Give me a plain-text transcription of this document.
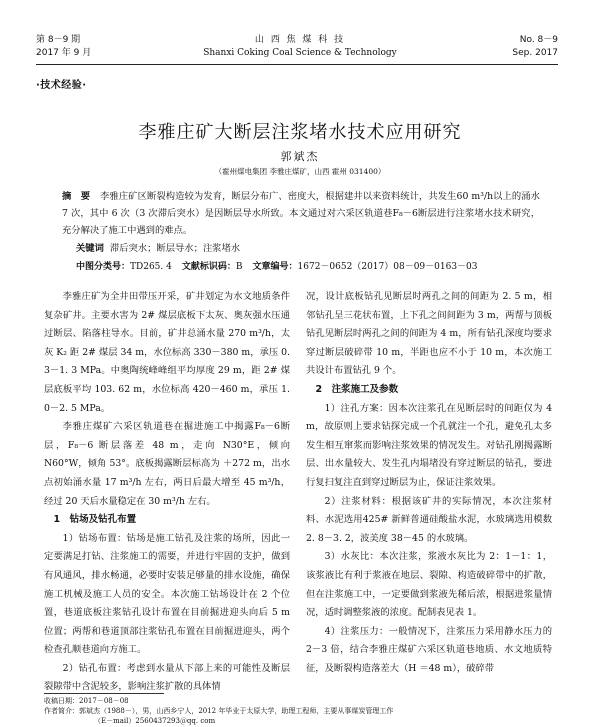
第 8－9 期
2017 年 9 月
山 西 焦 煤 科 技
Shanxi Coking Coal Science & Technology
No. 8－9
Sep. 2017
·技术经验·
李雅庄矿大断层注浆堵水技术应用研究
郭斌杰
（霍州煤电集团 李雅庄煤矿，山西 霍州 031400）
摘　要 李雅庄矿区断裂构造较为发育，断层分布广、密度大，根据建井以来资料统计，共发生60 m³/h以上的涌水 7 次，其中 6 次（3 次滞后突水）是因断层导水所致。本文通过对六采区轨道巷F₈－6断层进行注浆堵水技术研究，充分解决了施工中遇到的难点。
关键词 滞后突水；断层导水；注浆堵水
中图分类号：TD265. 4 文献标识码：B 文章编号：1672－0652（2017）08－09－0163－03

李雅庄矿为全井田带压开采，矿井划定为水文地质条件复杂矿井。主要水害为 2# 煤层底板下太灰、奥灰强水压通过断层、陷落柱导水。目前，矿井总涌水量 270 m³/h，太灰 K₂ 距 2# 煤层 34 m，水位标高 330－380 m，承压 0. 3－1. 3 MPa。中奥陶统峰峰组平均厚度 29 m，距 2# 煤层底板平均 103. 62 m，水位标高 420－460 m，承压 1. 0－2. 5 MPa。

李雅庄煤矿六采区轨道巷在掘进施工中揭露F₈－6断层，F₈－6 断层落差 48 m，走向 N30°E，倾向 N60°W，倾角 53°。底板揭露断层标高为 ＋272 m，出水点初始涌水量 17 m³/h 左右，两日后最大增至 45 m³/h，经过 20 天后水量稳定在 30 m³/h 左右。

1　钻场及钻孔布置

1）钻场布置：钻场是施工钻孔及注浆的场所，因此一定要满足打钻、注浆施工的需要，并进行牢固的支护，做到有风通风，排水畅通，必要时安装足够量的排水设施，确保施工机械及施工人员的安全。本次施工钻场设计在 2 个位置，巷道底板注浆钻孔设计布置在目前掘进迎头向后 5 m 位置；两帮和巷道顶部注浆钻孔布置在目前掘进迎头，两个检查孔顺巷道向方施工。

2）钻孔布置：考虑到水量从下部上来的可能性及断层裂隙带中含泥较多，影响注浆扩散的具体情

况，设计底板钻孔见断层时两孔之间的间距为 2. 5 m，相邻钻孔呈三花状布置，上下孔之间间距为 3 m，两帮与顶板钻孔见断层时两孔之间的间距为 4 m，所有钻孔深度均要求穿过断层破碎带 10 m，半距也应不小于 10 m，本次施工共设计布置钻孔 9 个。

2　注浆施工及参数

1）注孔方案：因本次注浆孔在见断层时的间距仅为 4 m，故原则上要求钻探完成一个孔就注一个孔，避免孔太多发生相互窜浆而影响注浆效果的情况发生。对钻孔刚揭露断层、出水量较大、发生孔内塌堵没有穿过断层的钻孔，要进行复扫复注直到穿过断层为止，保证注浆效果。

2）注浆材料：根据该矿井的实际情况，本次注浆材料、水泥选用425# 新鲜普通硅酸盐水泥，水玻璃选用模数 2. 8－3. 2，波美度 38－45 的水玻璃。

3）水灰比：本次注浆，浆液水灰比为 2：1－1：1，该浆液比有利于浆液在地层、裂隙、构造破碎带中的扩散，但在注浆施工中，一定要做到浆液先稀后浓，根据进浆量情况，适时调整浆液的浓度。配制表见表 1。

4）注浆压力：一般情况下，注浆压力采用静水压力的 2－3 倍，结合李雅庄煤矿六采区轨道巷地质、水文地质特征，及断裂构造落差大（H ＝48 m），破碎带

收稿日期：2017－08－08
作者简介：郭斌杰（1988－），男，山西乡宁人，2012 年毕业于太原大学，助理工程师，主要从事煤炭管理工作
（E－mail）2560437293＠qq. com
